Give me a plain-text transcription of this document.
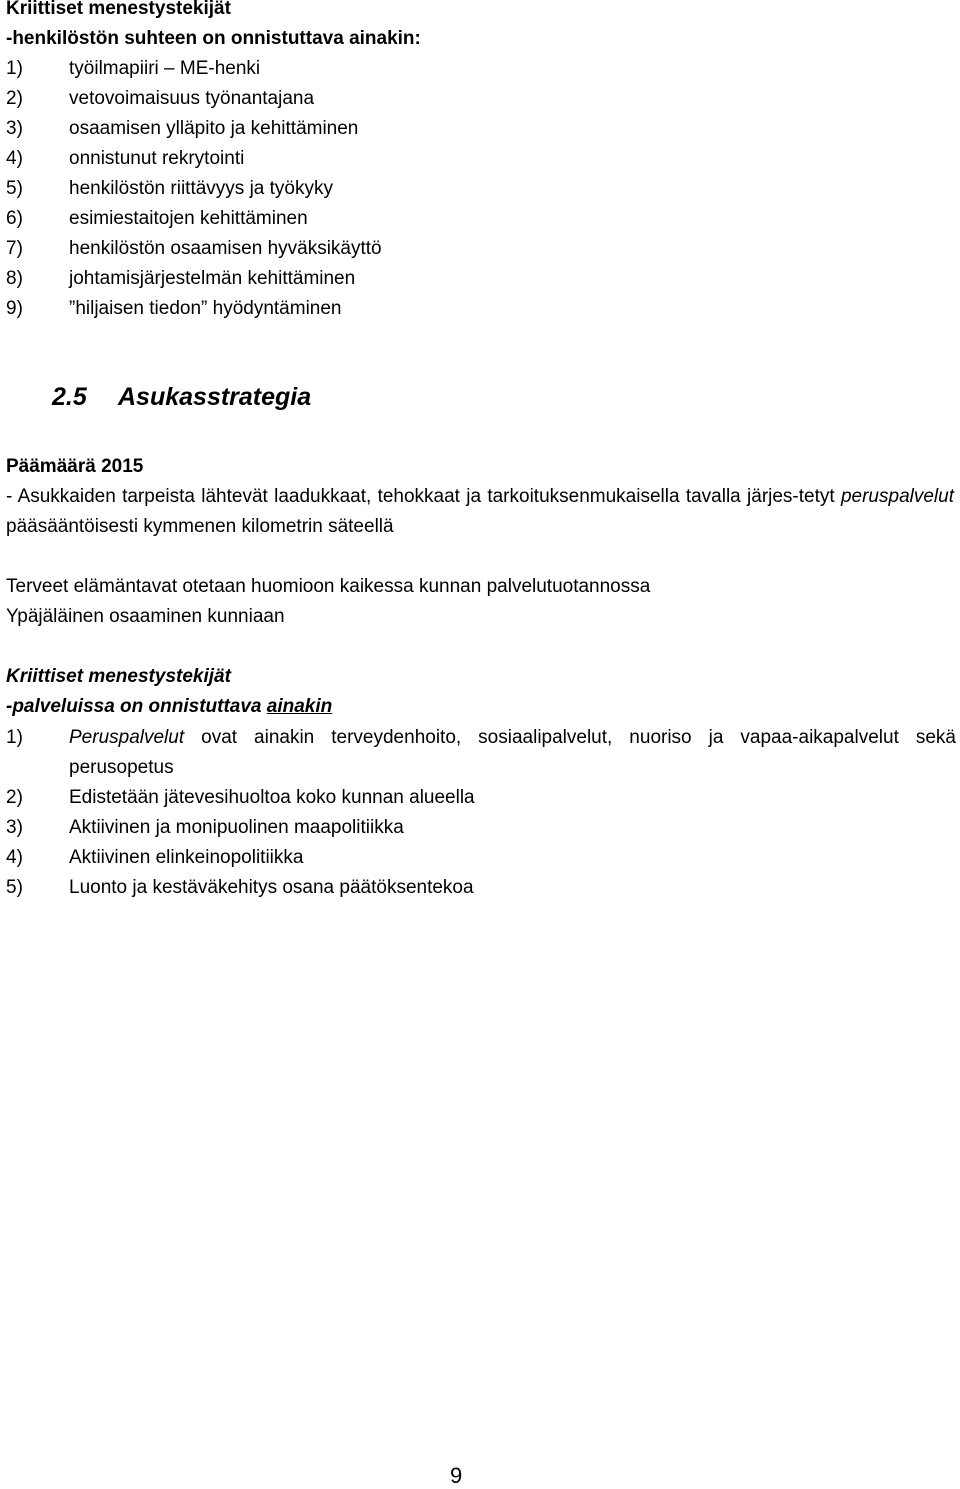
Kriittiset menestystekijät
-henkilöstön suhteen on onnistuttava ainakin:
1) työilmapiiri – ME-henki
2) vetovoimaisuus työnantajana
3) osaamisen ylläpito ja kehittäminen
4) onnistunut rekrytointi
5) henkilöstön riittävyys ja työkyky
6) esimiestaitojen kehittäminen
7) henkilöstön osaamisen hyväksikäyttö
8) johtamisjärjestelmän kehittäminen
9) ”hiljaisen tiedon” hyödyntäminen
2.5 Asukasstrategia
Päämäärä 2015
- Asukkaiden tarpeista lähtevät laadukkaat, tehokkaat ja tarkoituksenmukaisella tavalla järjes-tetyt peruspalvelut pääsääntöisesti kymmenen kilometrin säteellä
Terveet elämäntavat otetaan huomioon kaikessa kunnan palvelutuotannossa
Ypäjäläinen osaaminen kunniaan
Kriittiset menestystekijät
-palveluissa on onnistuttava ainakin
1) Peruspalvelut ovat ainakin terveydenhoito, sosiaalipalvelut, nuoriso ja vapaa-aikapalvelut sekä perusopetus
2) Edistetään jätevesihuoltoa koko kunnan alueella
3) Aktiivinen ja monipuolinen maapolitiikka
4) Aktiivinen elinkeinopolitiikka
5) Luonto ja kestäväkehitys osana päätöksentekoa
9
